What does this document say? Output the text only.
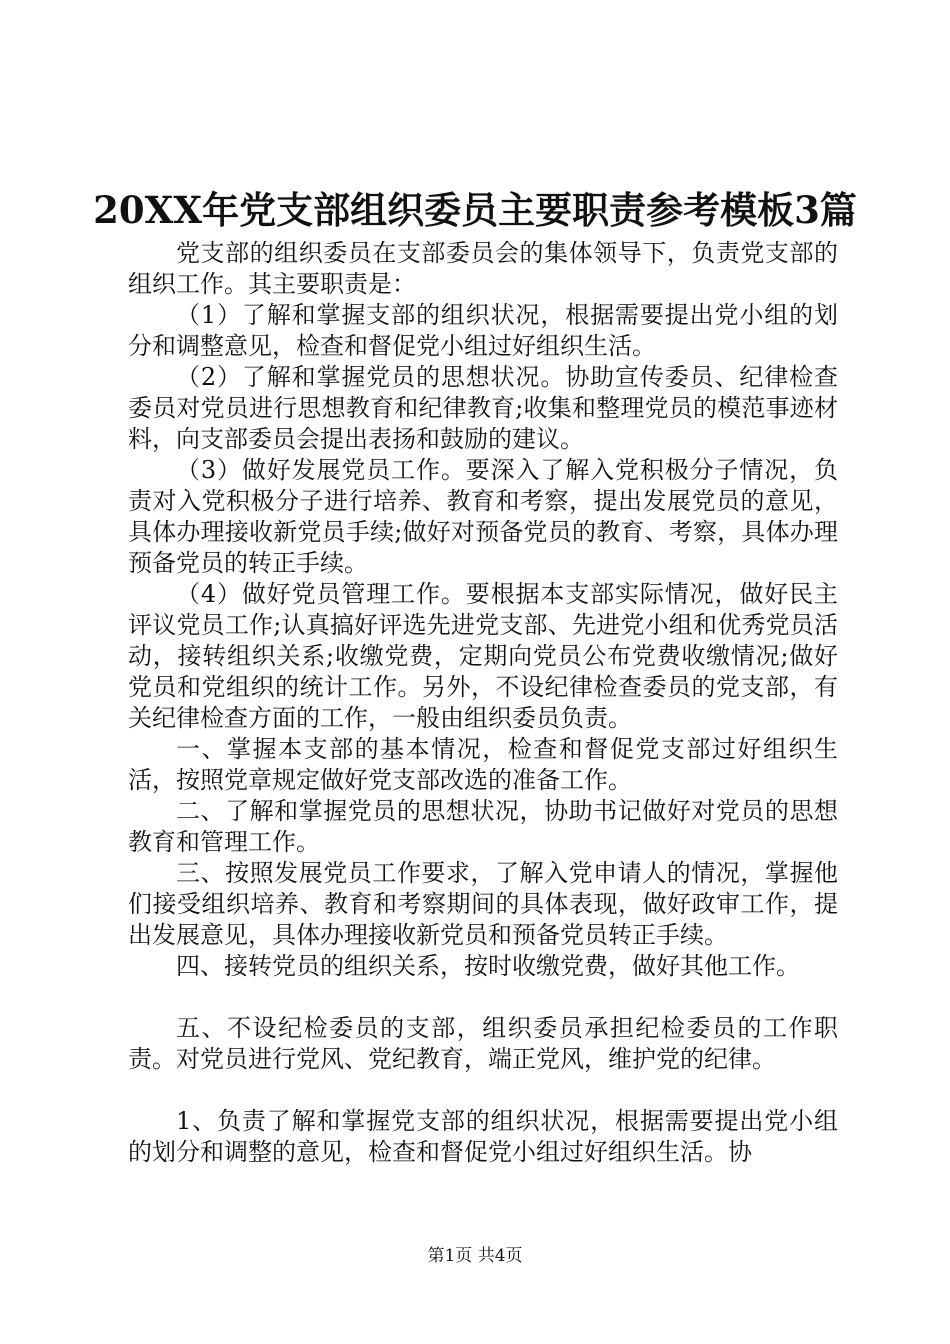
20XX年党支部组织委员主要职责参考模板3篇

党支部的组织委员在支部委员会的集体领导下，负责党支部的组织工作。其主要职责是：

（1）了解和掌握支部的组织状况，根据需要提出党小组的划分和调整意见，检查和督促党小组过好组织生活。

（2）了解和掌握党员的思想状况。协助宣传委员、纪律检查委员对党员进行思想教育和纪律教育;收集和整理党员的模范事迹材料，向支部委员会提出表扬和鼓励的建议。

（3）做好发展党员工作。要深入了解入党积极分子情况，负责对入党积极分子进行培养、教育和考察，提出发展党员的意见，具体办理接收新党员手续;做好对预备党员的教育、考察，具体办理预备党员的转正手续。

（4）做好党员管理工作。要根据本支部实际情况，做好民主评议党员工作;认真搞好评选先进党支部、先进党小组和优秀党员活动，接转组织关系;收缴党费，定期向党员公布党费收缴情况;做好党员和党组织的统计工作。另外，不设纪律检查委员的党支部，有关纪律检查方面的工作，一般由组织委员负责。

一、掌握本支部的基本情况，检查和督促党支部过好组织生活，按照党章规定做好党支部改选的准备工作。

二、了解和掌握党员的思想状况，协助书记做好对党员的思想教育和管理工作。

三、按照发展党员工作要求，了解入党申请人的情况，掌握他们接受组织培养、教育和考察期间的具体表现，做好政审工作，提出发展意见，具体办理接收新党员和预备党员转正手续。

四、接转党员的组织关系，按时收缴党费，做好其他工作。

五、不设纪检委员的支部，组织委员承担纪检委员的工作职责。对党员进行党风、党纪教育，端正党风，维护党的纪律。

1、负责了解和掌握党支部的组织状况，根据需要提出党小组的划分和调整的意见，检查和督促党小组过好组织生活。协

第1页 共4页
